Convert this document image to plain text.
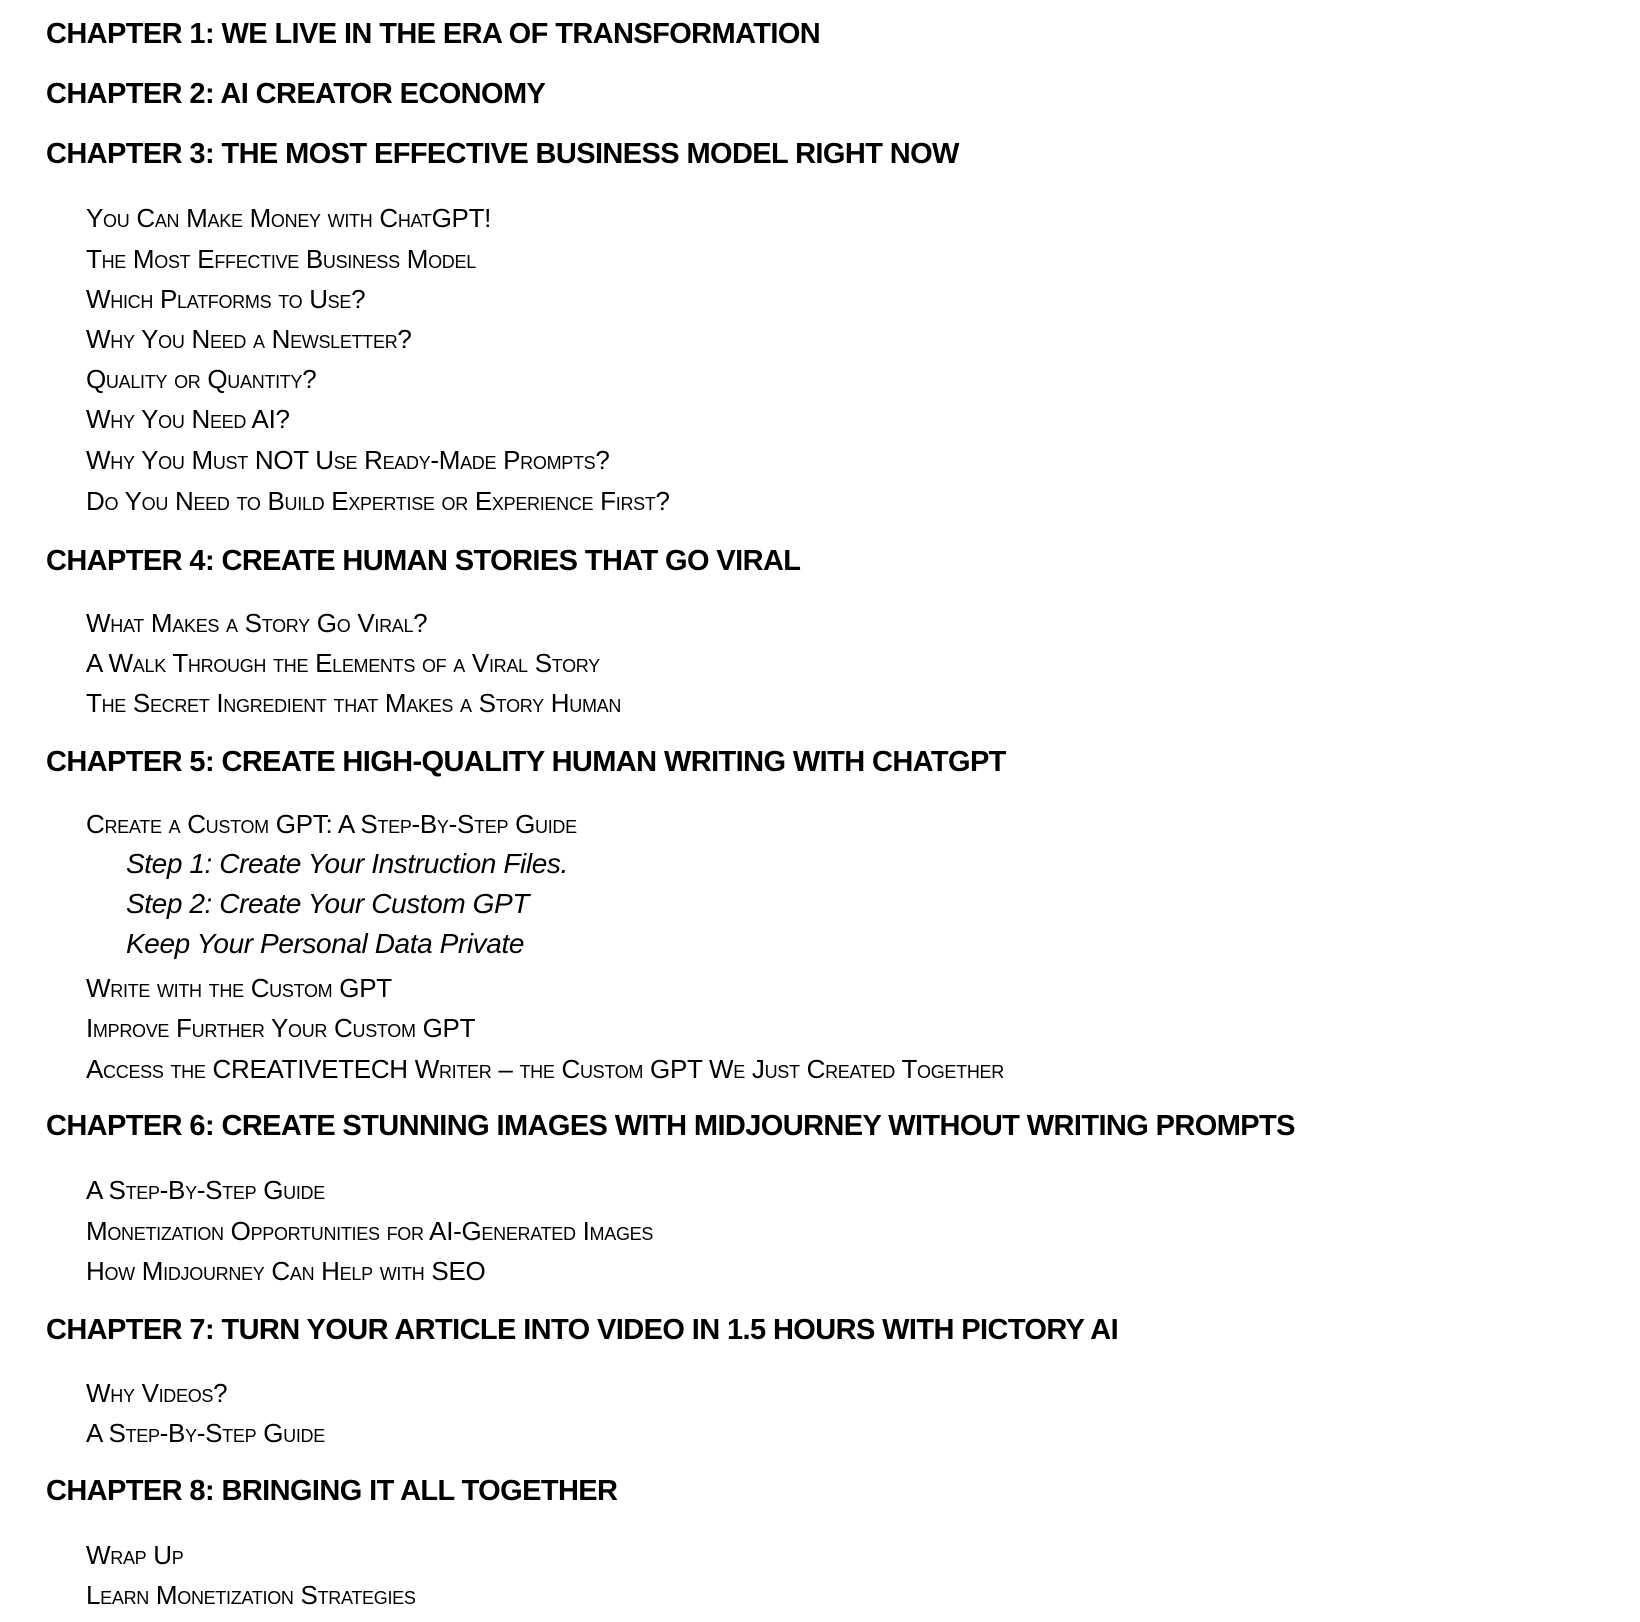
CHAPTER 1: WE LIVE IN THE ERA OF TRANSFORMATION
CHAPTER 2: AI CREATOR ECONOMY
CHAPTER 3: THE MOST EFFECTIVE BUSINESS MODEL RIGHT NOW
You Can Make Money with ChatGPT!
The Most Effective Business Model
Which Platforms to Use?
Why You Need a Newsletter?
Quality or Quantity?
Why You Need AI?
Why You Must NOT Use Ready-Made Prompts?
Do You Need to Build Expertise or Experience First?
CHAPTER 4: CREATE HUMAN STORIES THAT GO VIRAL
What Makes a Story Go Viral?
A Walk Through the Elements of a Viral Story
The Secret Ingredient that Makes a Story Human
CHAPTER 5: CREATE HIGH-QUALITY HUMAN WRITING WITH CHATGPT
Create a Custom GPT: A Step-By-Step Guide
Step 1: Create Your Instruction Files.
Step 2: Create Your Custom GPT
Keep Your Personal Data Private
Write with the Custom GPT
Improve Further Your Custom GPT
Access the CREATIVETECH Writer – the Custom GPT We Just Created Together
CHAPTER 6: CREATE STUNNING IMAGES WITH MIDJOURNEY WITHOUT WRITING PROMPTS
A Step-By-Step Guide
Monetization Opportunities for AI-Generated Images
How Midjourney Can Help with SEO
CHAPTER 7: TURN YOUR ARTICLE INTO VIDEO IN 1.5 HOURS WITH PICTORY AI
Why Videos?
A Step-By-Step Guide
CHAPTER 8: BRINGING IT ALL TOGETHER
Wrap Up
Learn Monetization Strategies
